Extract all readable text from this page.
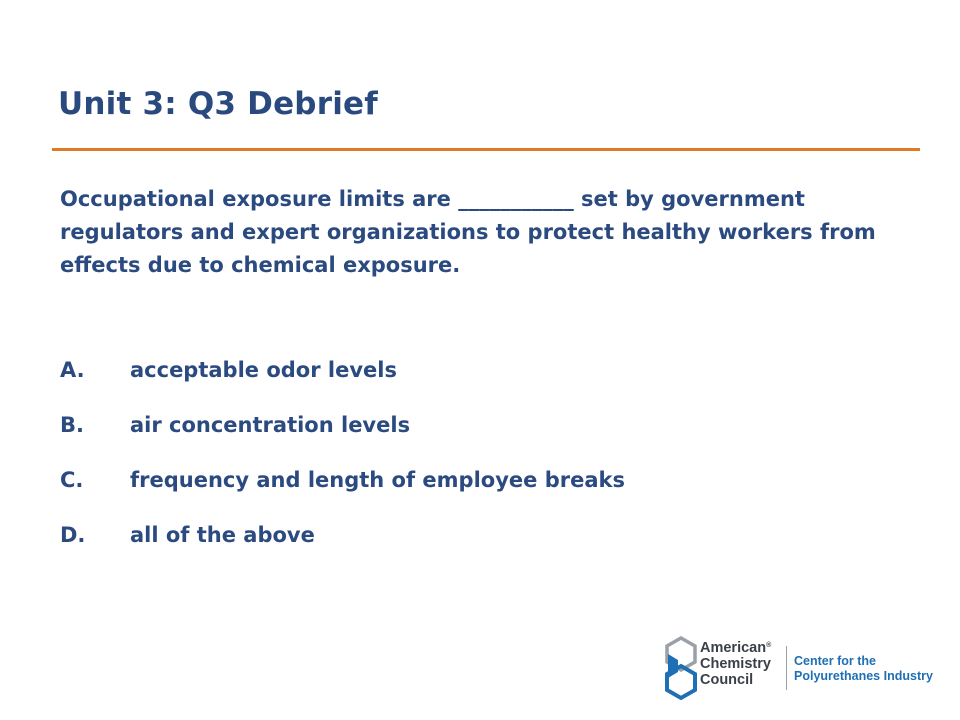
Unit 3: Q3 Debrief
Occupational exposure limits are ___________ set by government regulators and expert organizations to protect healthy workers from effects due to chemical exposure.
A. acceptable odor levels
B. air concentration levels
C. frequency and length of employee breaks
D. all of the above
American®
Chemistry
Council
Center for the
Polyurethanes Industry
